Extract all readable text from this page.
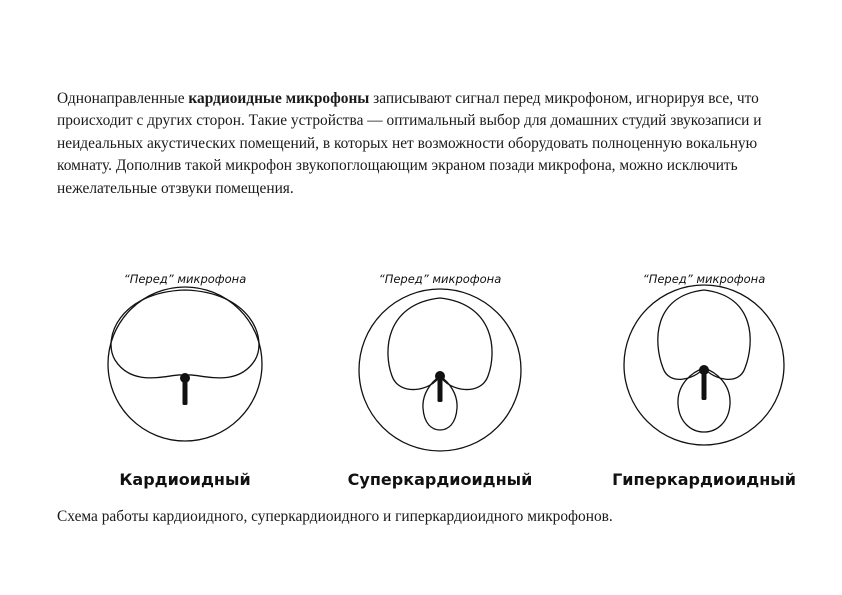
Однонаправленные кардиоидные микрофоны записывают сигнал перед микрофоном, игнорируя все, что происходит с других сторон. Такие устройства — оптимальный выбор для домашних студий звукозаписи и неидеальных акустических помещений, в которых нет возможности оборудовать полноценную вокальную комнату. Дополнив такой микрофон звукопоглощающим экраном позади микрофона, можно исключить нежелательные отзвуки помещения.
“Перед” микрофона
Кардиоидный
“Перед” микрофона
Суперкардиоидный
“Перед” микрофона
Гиперкардиоидный
Схема работы кардиоидного, суперкардиоидного и гиперкардиоидного микрофонов.
